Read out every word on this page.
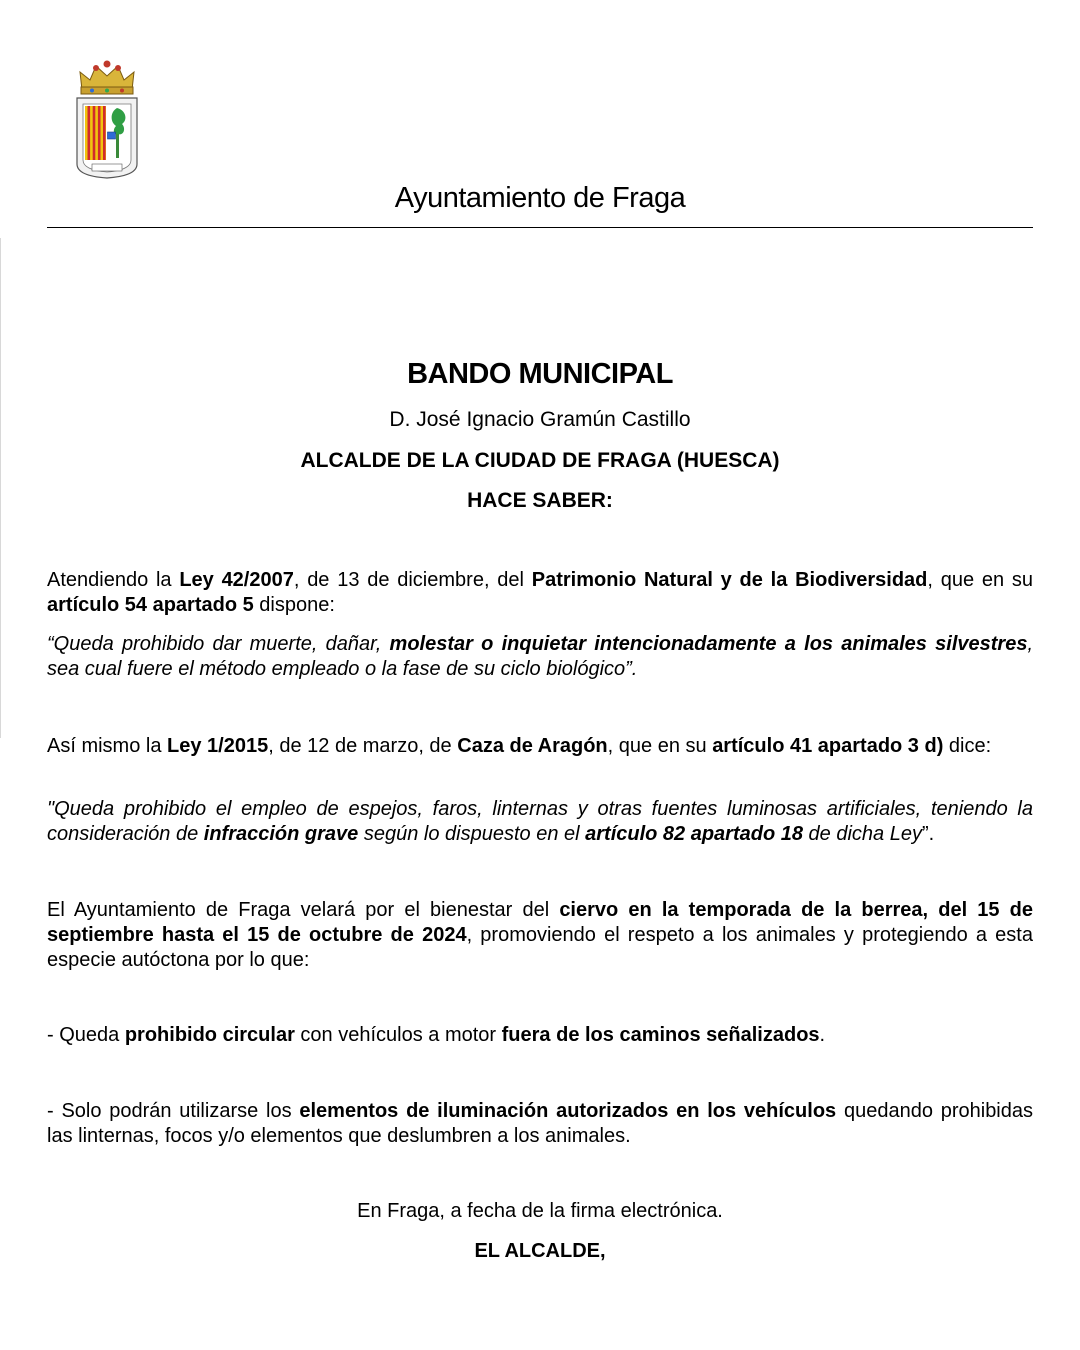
Ayuntamiento de Fraga
BANDO MUNICIPAL
D. José Ignacio Gramún Castillo
ALCALDE DE LA CIUDAD DE FRAGA (HUESCA)
HACE SABER:

Atendiendo la Ley 42/2007, de 13 de diciembre, del Patrimonio Natural y de la Biodiversidad, que en su artículo 54 apartado 5 dispone:

“Queda prohibido dar muerte, dañar, molestar o inquietar intencionadamente a los animales silvestres, sea cual fuere el método empleado o la fase de su ciclo biológico”.

Así mismo la Ley 1/2015, de 12 de marzo, de Caza de Aragón, que en su artículo 41 apartado 3 d) dice:

"Queda prohibido el empleo de espejos, faros, linternas y otras fuentes luminosas artificiales, teniendo la consideración de infracción grave según lo dispuesto en el artículo 82 apartado 18 de dicha Ley”.

El Ayuntamiento de Fraga velará por el bienestar del ciervo en la temporada de la berrea, del 15 de septiembre hasta el 15 de octubre de 2024, promoviendo el respeto a los animales y protegiendo a esta especie autóctona por lo que:

- Queda prohibido circular con vehículos a motor fuera de los caminos señalizados.

- Solo podrán utilizarse los elementos de iluminación autorizados en los vehículos quedando prohibidas las linternas, focos y/o elementos que deslumbren a los animales.

En Fraga, a fecha de la firma electrónica.
EL ALCALDE,
